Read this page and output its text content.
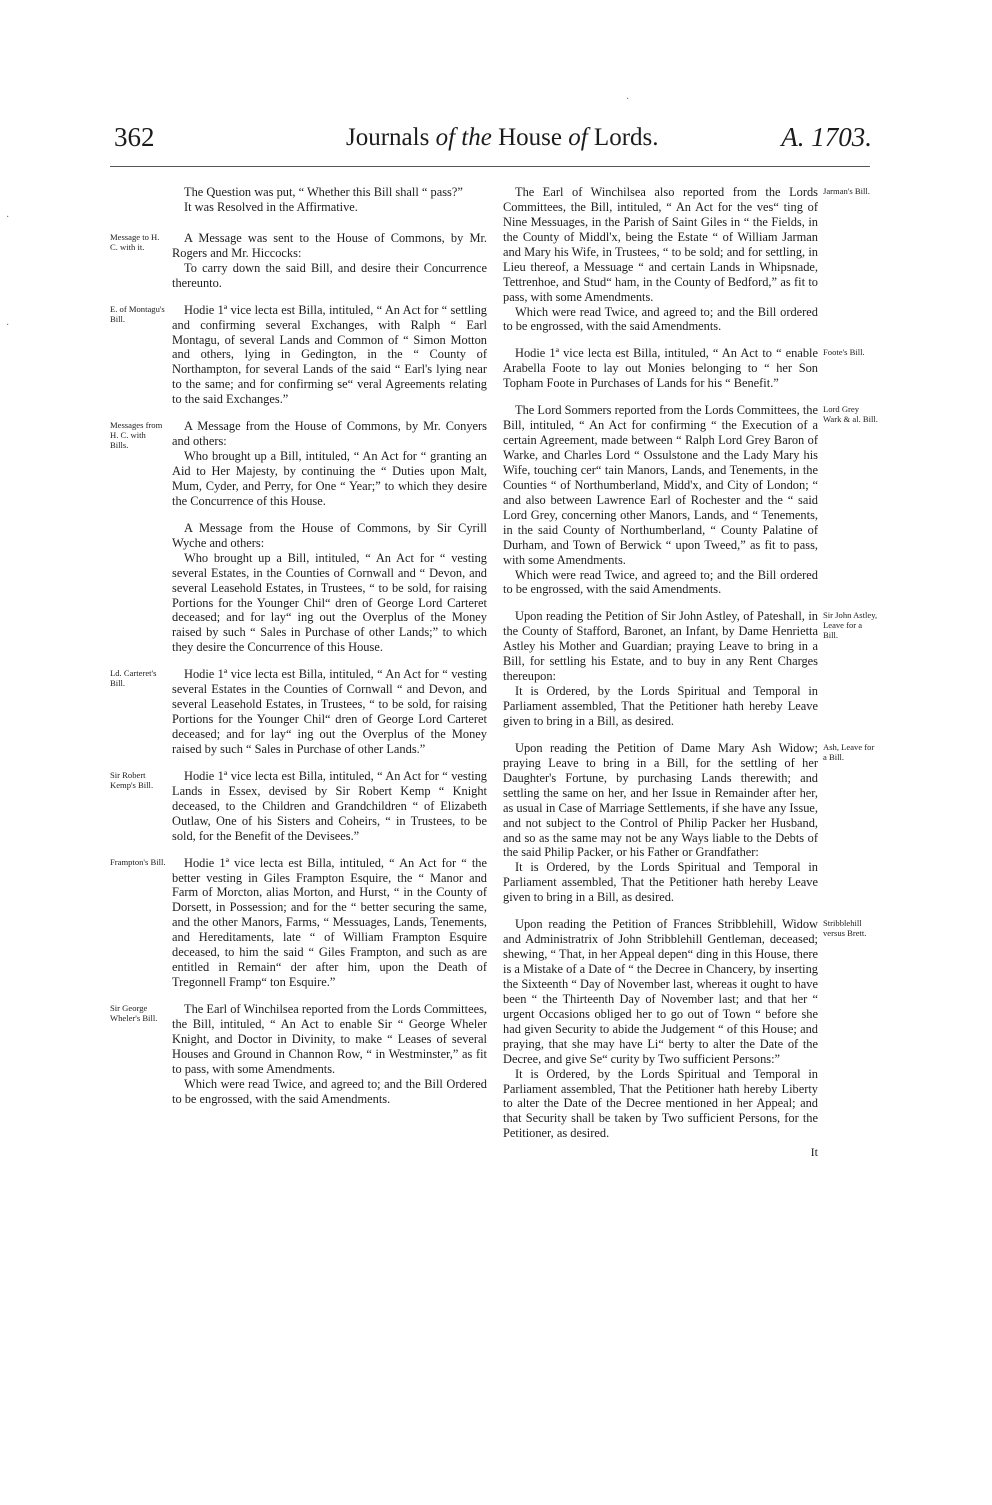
·
·
·
362	Journals of the House of Lords.	A. 1703.

The Question was put, “ Whether this Bill shall “ pass?”

It was Resolved in the Affirmative.

Message to H. C. with it.

A Message was sent to the House of Commons, by Mr. Rogers and Mr. Hiccocks:

To carry down the said Bill, and desire their Concurrence thereunto.

E. of Montagu's Bill.

Hodie 1ª vice lecta est Billa, intituled, “ An Act for “ settling and confirming several Exchanges, with Ralph “ Earl Montagu, of several Lands and Common of “ Simon Motton and others, lying in Gedington, in the “ County of Northampton, for several Lands of the said “ Earl's lying near to the same; and for confirming se“ veral Agreements relating to the said Exchanges.”

Messages from H. C. with Bills.

A Message from the House of Commons, by Mr. Conyers and others:

Who brought up a Bill, intituled, “ An Act for “ granting an Aid to Her Majesty, by continuing the “ Duties upon Malt, Mum, Cyder, and Perry, for One “ Year;” to which they desire the Concurrence of this House.

A Message from the House of Commons, by Sir Cyrill Wyche and others:

Who brought up a Bill, intituled, “ An Act for “ vesting several Estates, in the Counties of Cornwall and “ Devon, and several Leasehold Estates, in Trustees, “ to be sold, for raising Portions for the Younger Chil“ dren of George Lord Carteret deceased; and for lay“ ing out the Overplus of the Money raised by such “ Sales in Purchase of other Lands;” to which they desire the Concurrence of this House.

Ld. Carteret's Bill.

Hodie 1ª vice lecta est Billa, intituled, “ An Act for “ vesting several Estates in the Counties of Cornwall “ and Devon, and several Leasehold Estates, in Trustees, “ to be sold, for raising Portions for the Younger Chil“ dren of George Lord Carteret deceased; and for lay“ ing out the Overplus of the Money raised by such “ Sales in Purchase of other Lands.”

Sir Robert Kemp's Bill.

Hodie 1ª vice lecta est Billa, intituled, “ An Act for “ vesting Lands in Essex, devised by Sir Robert Kemp “ Knight deceased, to the Children and Grandchildren “ of Elizabeth Outlaw, One of his Sisters and Coheirs, “ in Trustees, to be sold, for the Benefit of the Devisees.”

Frampton's Bill.	Hodie 1ª vice lecta est Billa, intituled, “ An Act for “ the better vesting in Giles Frampton Esquire, the “ Manor and Farm of Morcton, alias Morton, and Hurst, “ in the County of Dorsett, in Possession; and for the “ better securing the same, and the other Manors, Farms, “ Messuages, Lands, Tenements, and Hereditaments, late “ of William Frampton Esquire deceased, to him the said “ Giles Frampton, and such as are entitled in Remain“ der after him, upon the Death of Tregonnell Framp“ ton Esquire.”

Sir George Wheler's Bill.

The Earl of Winchilsea reported from the Lords Committees, the Bill, intituled, “ An Act to enable Sir “ George Wheler Knight, and Doctor in Divinity, to make “ Leases of several Houses and Ground in Channon Row, “ in Westminster,” as fit to pass, with some Amendments.

Which were read Twice, and agreed to; and the Bill Ordered to be engrossed, with the said Amendments.

Jarman's Bill.

The Earl of Winchilsea also reported from the Lords Committees, the Bill, intituled, “ An Act for the ves“ ting of Nine Messuages, in the Parish of Saint Giles in “ the Fields, in the County of Middl'x, being the Estate “ of William Jarman and Mary his Wife, in Trustees, “ to be sold; and for settling, in Lieu thereof, a Messuage “ and certain Lands in Whipsnade, Tettrenhoe, and Stud“ ham, in the County of Bedford,” as fit to pass, with some Amendments.

Which were read Twice, and agreed to; and the Bill ordered to be engrossed, with the said Amendments.

Foote's Bill.

Hodie 1ª vice lecta est Billa, intituled, “ An Act to “ enable Arabella Foote to lay out Monies belonging to “ her Son Topham Foote in Purchases of Lands for his “ Benefit.”

Lord Grey Wark & al. Bill.

The Lord Sommers reported from the Lords Committees, the Bill, intituled, “ An Act for confirming “ the Execution of a certain Agreement, made between “ Ralph Lord Grey Baron of Warke, and Charles Lord “ Ossulstone and the Lady Mary his Wife, touching cer“ tain Manors, Lands, and Tenements, in the Counties “ of Northumberland, Midd'x, and City of London; “ and also between Lawrence Earl of Rochester and the “ said Lord Grey, concerning other Manors, Lands, and “ Tenements, in the said County of Northumberland, “ County Palatine of Durham, and Town of Berwick “ upon Tweed,” as fit to pass, with some Amendments.

Which were read Twice, and agreed to; and the Bill ordered to be engrossed, with the said Amendments.

Sir John Astley, Leave for a Bill.

Upon reading the Petition of Sir John Astley, of Pateshall, in the County of Stafford, Baronet, an Infant, by Dame Henrietta Astley his Mother and Guardian; praying Leave to bring in a Bill, for settling his Estate, and to buy in any Rent Charges thereupon:

It is Ordered, by the Lords Spiritual and Temporal in Parliament assembled, That the Petitioner hath hereby Leave given to bring in a Bill, as desired.

Ash, Leave for a Bill.

Upon reading the Petition of Dame Mary Ash Widow; praying Leave to bring in a Bill, for the settling of her Daughter's Fortune, by purchasing Lands therewith; and settling the same on her, and her Issue in Remainder after her, as usual in Case of Marriage Settlements, if she have any Issue, and not subject to the Control of Philip Packer her Husband, and so as the same may not be any Ways liable to the Debts of the said Philip Packer, or his Father or Grandfather:

It is Ordered, by the Lords Spiritual and Temporal in Parliament assembled, That the Petitioner hath hereby Leave given to bring in a Bill, as desired.

Stribblehill versus Brett.

Upon reading the Petition of Frances Stribblehill, Widow and Administratrix of John Stribblehill Gentleman, deceased; shewing, “ That, in her Appeal depen“ ding in this House, there is a Mistake of a Date of “ the Decree in Chancery, by inserting the Sixteenth “ Day of November last, whereas it ought to have been “ the Thirteenth Day of November last; and that her “ urgent Occasions obliged her to go out of Town “ before she had given Security to abide the Judgement “ of this House; and praying, that she may have Li“ berty to alter the Date of the Decree, and give Se“ curity by Two sufficient Persons:”

It is Ordered, by the Lords Spiritual and Temporal in Parliament assembled, That the Petitioner hath hereby Liberty to alter the Date of the Decree mentioned in her Appeal; and that Security shall be taken by Two sufficient Persons, for the Petitioner, as desired.

It
